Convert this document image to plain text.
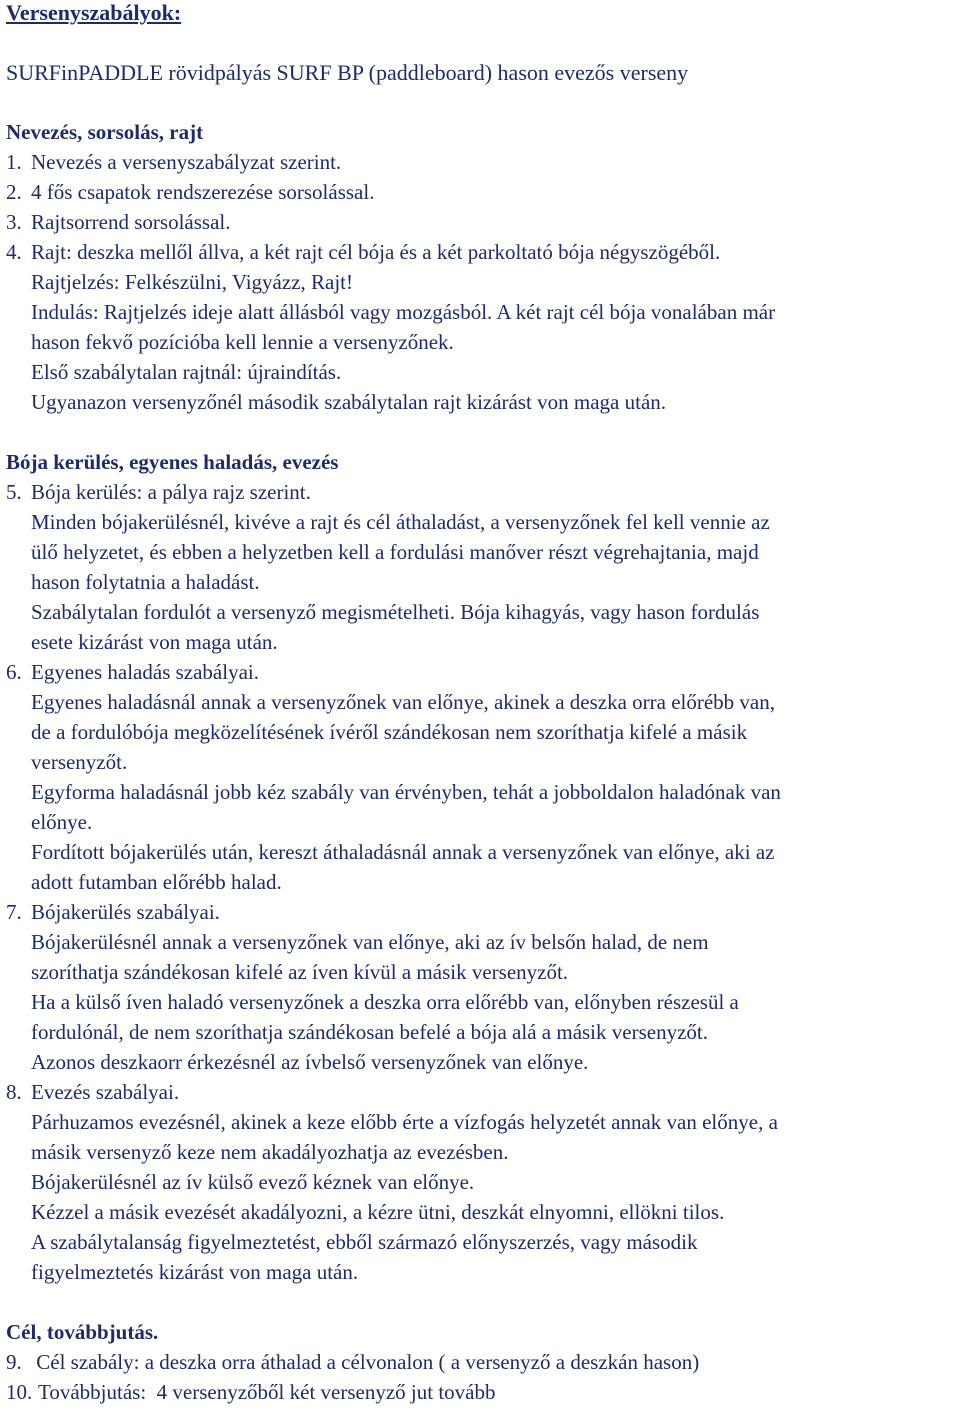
Versenyszabályok:
SURFinPADDLE rövidpályás SURF BP (paddleboard) hason evezős verseny
Nevezés, sorsolás, rajt
1. Nevezés a versenyszabályzat szerint.
2. 4 fős csapatok rendszerezése sorsolással.
3. Rajtsorrend sorsolással.
4. Rajt: deszka mellől állva, a két rajt cél bója és a két parkoltató bója négyszögéből.
Rajtjelzés: Felkészülni, Vigyázz, Rajt!
Indulás: Rajtjelzés ideje alatt állásból vagy mozgásból. A két rajt cél bója vonalában már
hason fekvő pozícióba kell lennie a versenyzőnek.
Első szabálytalan rajtnál: újraindítás.
Ugyanazon versenyzőnél második szabálytalan rajt kizárást von maga után.
Bója kerülés, egyenes haladás, evezés
5. Bója kerülés: a pálya rajz szerint.
Minden bójakerülésnél, kivéve a rajt és cél áthaladást, a versenyzőnek fel kell vennie az
ülő helyzetet, és ebben a helyzetben kell a fordulási manőver részt végrehajtania, majd
hason folytatnia a haladást.
Szabálytalan fordulót a versenyző megismételheti. Bója kihagyás, vagy hason fordulás
esete kizárást von maga után.
6. Egyenes haladás szabályai.
Egyenes haladásnál annak a versenyzőnek van előnye, akinek a deszka orra előrébb van,
de a fordulóbója megközelítésének ívéről szándékosan nem szoríthatja kifelé a másik
versenyzőt.
Egyforma haladásnál jobb kéz szabály van érvényben, tehát a jobboldalon haladónak van
előnye.
Fordított bójakerülés után, kereszt áthaladásnál annak a versenyzőnek van előnye, aki az
adott futamban előrébb halad.
7. Bójakerülés szabályai.
Bójakerülésnél annak a versenyzőnek van előnye, aki az ív belsőn halad, de nem
szoríthatja szándékosan kifelé az íven kívül a másik versenyzőt.
Ha a külső íven haladó versenyzőnek a deszka orra előrébb van, előnyben részesül a
fordulónál, de nem szoríthatja szándékosan befelé a bója alá a másik versenyzőt.
Azonos deszkaorr érkezésnél az ívbelső versenyzőnek van előnye.
8. Evezés szabályai.
Párhuzamos evezésnél, akinek a keze előbb érte a vízfogás helyzetét annak van előnye, a
másik versenyző keze nem akadályozhatja az evezésben.
Bójakerülésnél az ív külső evező kéznek van előnye.
Kézzel a másik evezését akadályozni, a kézre ütni, deszkát elnyomni, ellökni tilos.
A szabálytalanság figyelmeztetést, ebből származó előnyszerzés, vagy második
figyelmeztetés kizárást von maga után.
Cél, továbbjutás.
9. Cél szabály: a deszka orra áthalad a célvonalon ( a versenyző a deszkán hason)
10. Továbbjutás:  4 versenyzőből két versenyző jut tovább
